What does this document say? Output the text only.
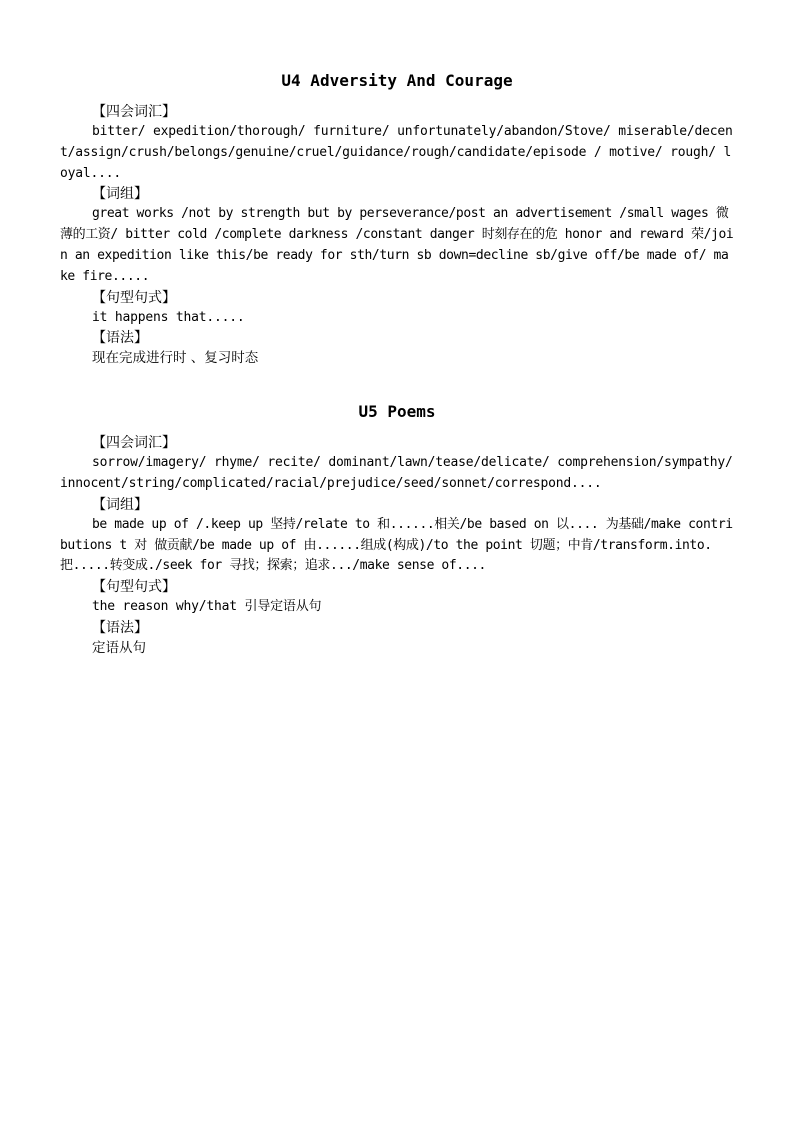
U4 Adversity And Courage
【四会词汇】
bitter/ expedition/thorough/ furniture/ unfortunately/abandon/Stove/ miserable/decent/assign/crush/belongs/genuine/cruel/guidance/rough/candidate/episode / motive/ rough/ loyal....
【词组】
great works /not by strength but by perseverance/post an advertisement /small wages 微薄的工资/ bitter cold /complete darkness /constant danger 时刻存在的危 honor and reward 荣/join an expedition like this/be ready for sth/turn sb down=decline sb/give off/be made of/ make fire.....
【句型句式】
it happens that.....
【语法】
现在完成进行时 、复习时态
U5 Poems
【四会词汇】
sorrow/imagery/ rhyme/ recite/ dominant/lawn/tease/delicate/ comprehension/sympathy/innocent/string/complicated/racial/prejudice/seed/sonnet/correspond....
【词组】
be made up of /.keep up 坚持/relate to 和......相关/be based on 以.... 为基础/make contributions t 对 做贡献/be made up of 由......组成(构成)/to the point 切题；中肯/transform.into.把.....转变成./seek for 寻找；探索；追求.../make sense of....
【句型句式】
the reason why/that 引导定语从句
【语法】
定语从句
